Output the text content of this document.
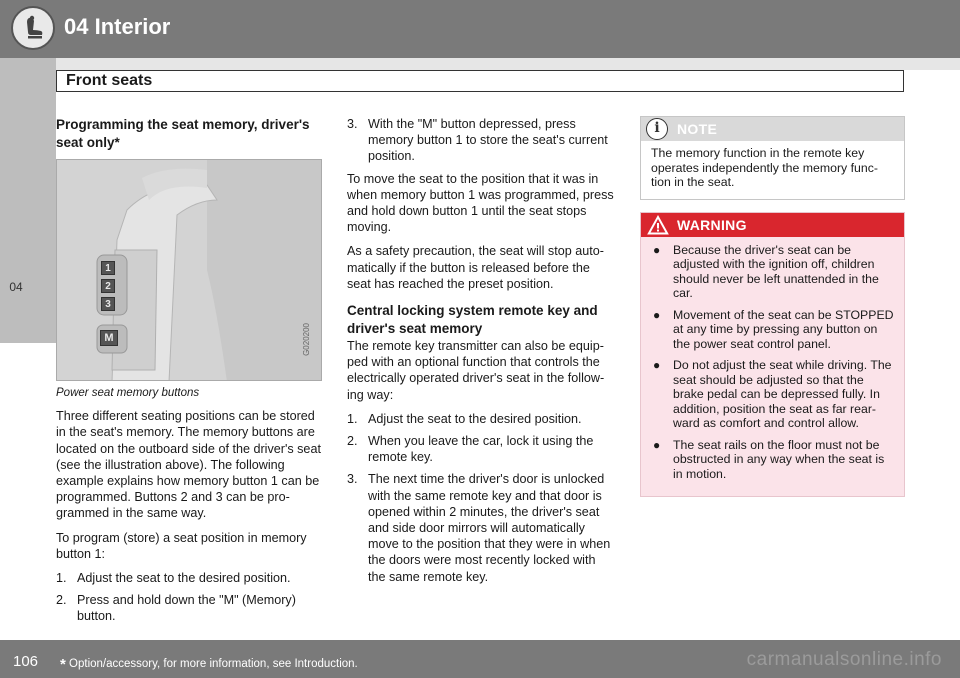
04 Interior
04
Front seats
Programming the seat memory, driver's seat only*
1
2
3
M	G020200
Power seat memory buttons

Three different seating positions can be stored in the seat's memory. The memory buttons are located on the outboard side of the driver's seat (see the illustration above). The following example explains how memory button 1 can be programmed. Buttons 2 and 3 can be pro-grammed in the same way.

To program (store) a seat position in memory button 1:

1. Adjust the seat to the desired position.
2. Press and hold down the "M" (Memory) button.
3. With the "M" button depressed, press memory button 1 to store the seat's current position.

To move the seat to the position that it was in when memory button 1 was programmed, press and hold down button 1 until the seat stops moving.

As a safety precaution, the seat will stop auto-matically if the button is released before the seat has reached the preset position.

Central locking system remote key and driver's seat memory

The remote key transmitter can also be equip-ped with an optional function that controls the electrically operated driver's seat in the follow-ing way:

1. Adjust the seat to the desired position.
2. When you leave the car, lock it using the remote key.
3. The next time the driver's door is unlocked with the same remote key and that door is opened within 2 minutes, the driver's seat and side door mirrors will automatically move to the position that they were in when the doors were most recently locked with the same remote key.
i	NOTE
The memory function in the remote key operates independently the memory func-tion in the seat.
WARNING
● Because the driver's seat can be adjusted with the ignition off, children should never be left unattended in the car.
● Movement of the seat can be STOPPED at any time by pressing any button on the power seat control panel.
● Do not adjust the seat while driving. The seat should be adjusted so that the brake pedal can be depressed fully. In addition, position the seat as far rear-ward as comfort and control allow.
● The seat rails on the floor must not be obstructed in any way when the seat is in motion.
106 * Option/accessory, for more information, see Introduction.	carmanualsonline.info
